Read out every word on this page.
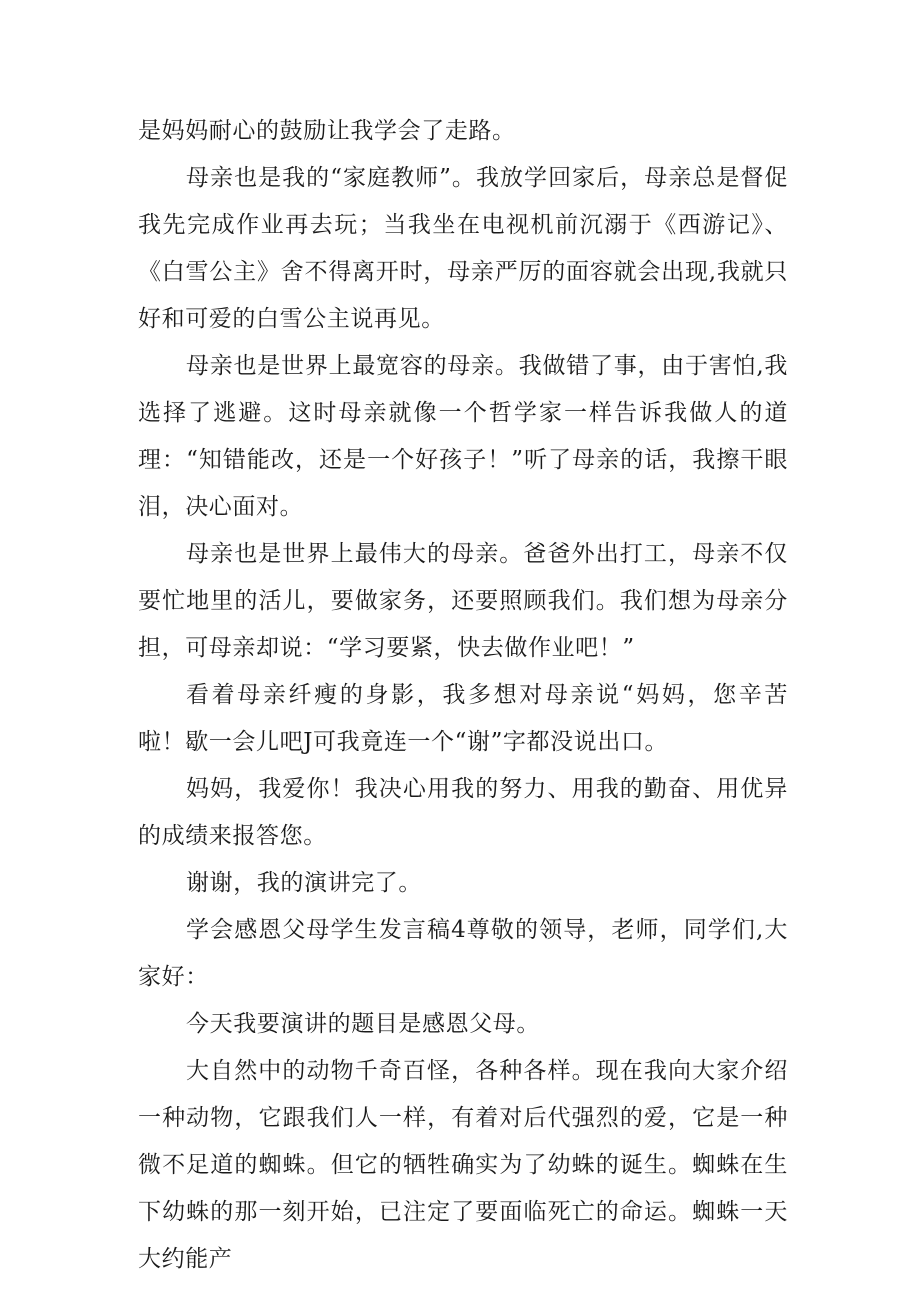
是妈妈耐心的鼓励让我学会了走路。

母亲也是我的“家庭教师”。我放学回家后，母亲总是督促我先完成作业再去玩；当我坐在电视机前沉溺于《西游记》、《白雪公主》舍不得离开时，母亲严厉的面容就会出现,我就只好和可爱的白雪公主说再见。

母亲也是世界上最宽容的母亲。我做错了事，由于害怕,我选择了逃避。这时母亲就像一个哲学家一样告诉我做人的道理：“知错能改，还是一个好孩子！”听了母亲的话，我擦干眼泪，决心面对。

母亲也是世界上最伟大的母亲。爸爸外出打工，母亲不仅要忙地里的活儿，要做家务，还要照顾我们。我们想为母亲分担，可母亲却说：“学习要紧，快去做作业吧！”

看着母亲纤瘦的身影，我多想对母亲说“妈妈，您辛苦啦！歇一会儿吧J可我竟连一个“谢”字都没说出口。

妈妈，我爱你！我决心用我的努力、用我的勤奋、用优异的成绩来报答您。

谢谢，我的演讲完了。

学会感恩父母学生发言稿4尊敬的领导，老师，同学们,大家好：

今天我要演讲的题目是感恩父母。

大自然中的动物千奇百怪，各种各样。现在我向大家介绍一种动物，它跟我们人一样，有着对后代强烈的爱，它是一种微不足道的蜘蛛。但它的牺牲确实为了幼蛛的诞生。蜘蛛在生下幼蛛的那一刻开始，已注定了要面临死亡的命运。蜘蛛一天大约能产
